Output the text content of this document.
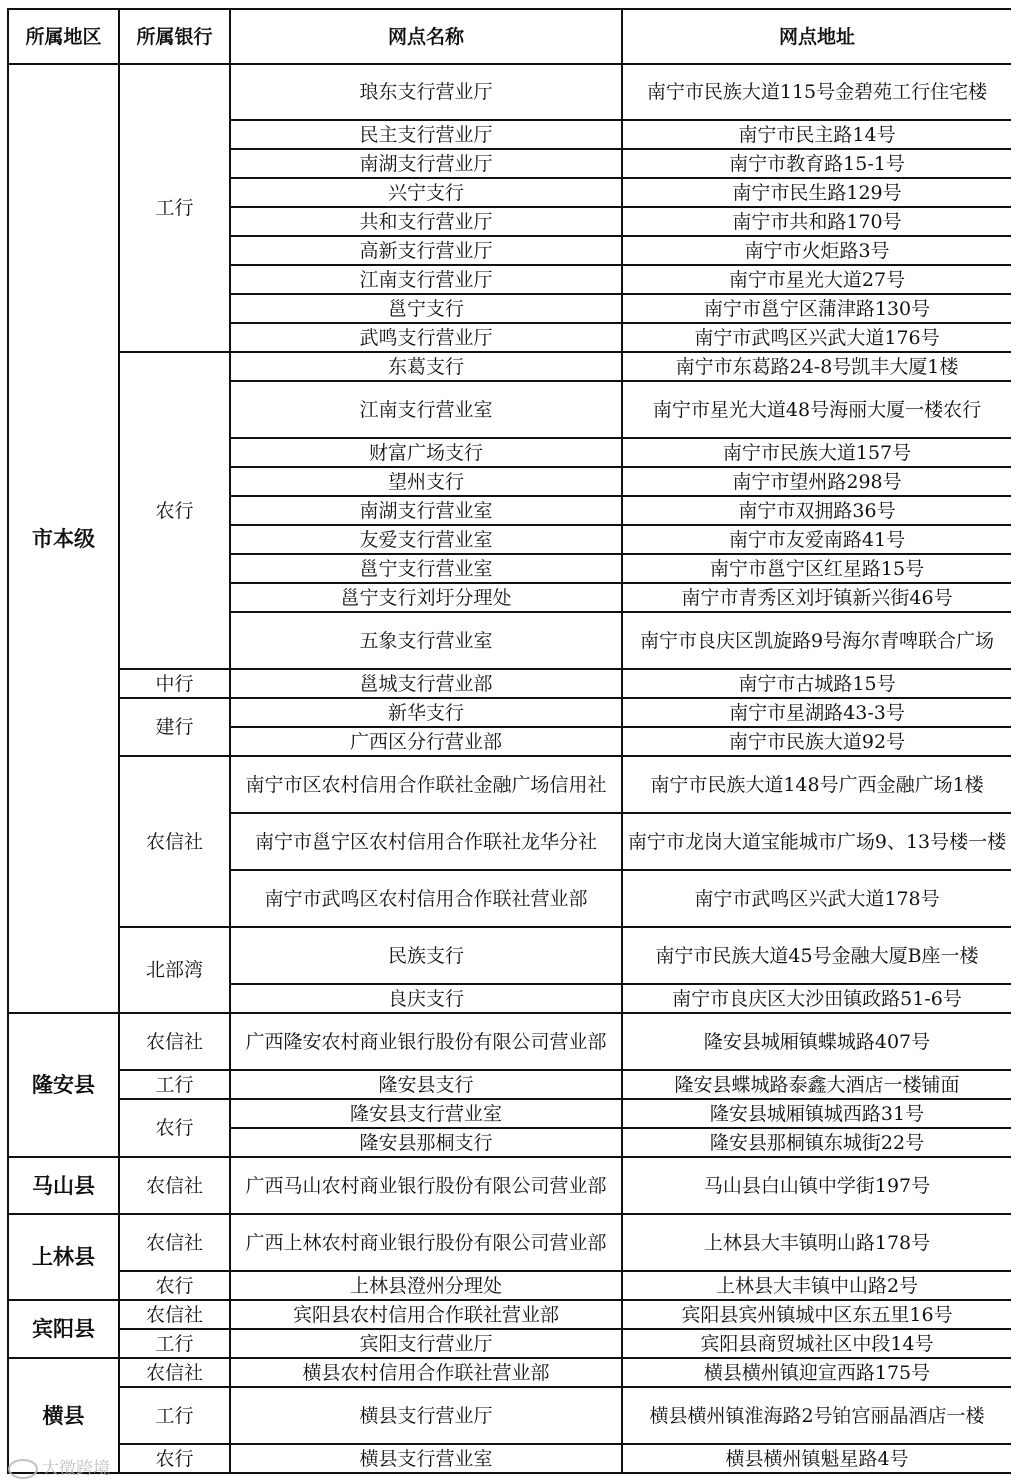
所属地区	所属银行	网点名称	网点地址
市本级	工行	琅东支行营业厅	南宁市民族大道115号金碧苑工行住宅楼
		民主支行营业厅	南宁市民主路14号
		南湖支行营业厅	南宁市教育路15-1号
		兴宁支行	南宁市民生路129号
		共和支行营业厅	南宁市共和路170号
		高新支行营业厅	南宁市火炬路3号
		江南支行营业厅	南宁市星光大道27号
		邕宁支行	南宁市邕宁区蒲津路130号
		武鸣支行营业厅	南宁市武鸣区兴武大道176号
	农行	东葛支行	南宁市东葛路24-8号凯丰大厦1楼
		江南支行营业室	南宁市星光大道48号海丽大厦一楼农行
		财富广场支行	南宁市民族大道157号
		望州支行	南宁市望州路298号
		南湖支行营业室	南宁市双拥路36号
		友爱支行营业室	南宁市友爱南路41号
		邕宁支行营业室	南宁市邕宁区红星路15号
		邕宁支行刘圩分理处	南宁市青秀区刘圩镇新兴街46号
		五象支行营业室	南宁市良庆区凯旋路9号海尔青啤联合广场
	中行	邕城支行营业部	南宁市古城路15号
	建行	新华支行	南宁市星湖路43-3号
		广西区分行营业部	南宁市民族大道92号
	农信社	南宁市区农村信用合作联社金融广场信用社	南宁市民族大道148号广西金融广场1楼
		南宁市邕宁区农村信用合作联社龙华分社	南宁市龙岗大道宝能城市广场9、13号楼一楼
		南宁市武鸣区农村信用合作联社营业部	南宁市武鸣区兴武大道178号
	北部湾	民族支行	南宁市民族大道45号金融大厦B座一楼
		良庆支行	南宁市良庆区大沙田镇政路51-6号
隆安县	农信社	广西隆安农村商业银行股份有限公司营业部	隆安县城厢镇蝶城路407号
	工行	隆安县支行	隆安县蝶城路泰鑫大酒店一楼铺面
	农行	隆安县支行营业室	隆安县城厢镇城西路31号
		隆安县那桐支行	隆安县那桐镇东城街22号
马山县	农信社	广西马山农村商业银行股份有限公司营业部	马山县白山镇中学街197号
上林县	农信社	广西上林农村商业银行股份有限公司营业部	上林县大丰镇明山路178号
	农行	上林县澄州分理处	上林县大丰镇中山路2号
宾阳县	农信社	宾阳县农村信用合作联社营业部	宾阳县宾州镇城中区东五里16号
	工行	宾阳支行营业厅	宾阳县商贸城社区中段14号
横县	农信社	横县农村信用合作联社营业部	横县横州镇迎宣西路175号
	工行	横县支行营业厅	横县横州镇淮海路2号铂宫丽晶酒店一楼
	农行	横县支行营业室	横县横州镇魁星路4号
大徵跨境
